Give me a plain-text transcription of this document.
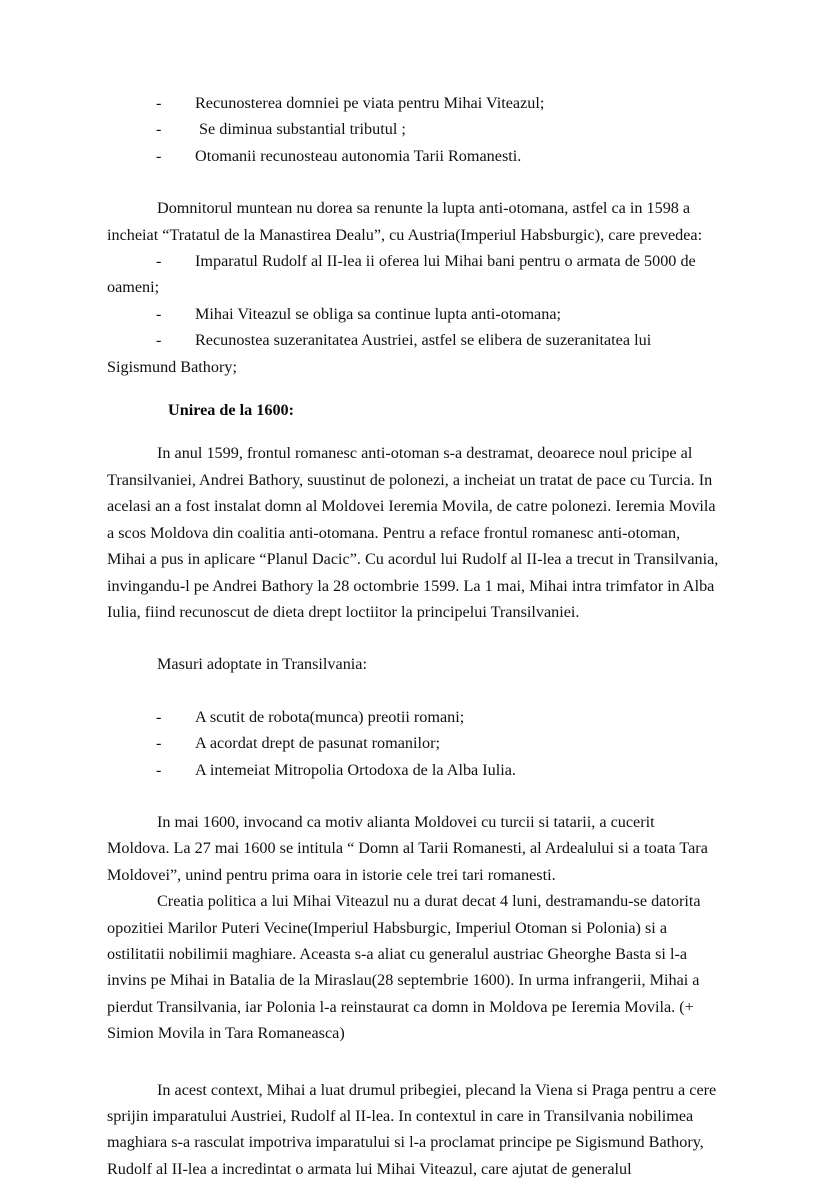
- Recunosterea domniei pe viata pentru Mihai Viteazul;
- Se diminua substantial tributul ;
- Otomanii recunosteau autonomia Tarii Romanesti.

Domnitorul muntean nu dorea sa renunte la lupta anti-otomana, astfel ca in 1598 a incheiat “Tratatul de la Manastirea Dealu”, cu Austria(Imperiul Habsburgic), care prevedea:

- Imparatul Rudolf al II-lea ii oferea lui Mihai bani pentru o armata de 5000 de oameni;
- Mihai Viteazul se obliga sa continue lupta anti-otomana;
- Recunostea suzeranitatea Austriei, astfel se elibera de suzeranitatea lui Sigismund Bathory;

Unirea de la 1600:

In anul 1599, frontul romanesc anti-otoman s-a destramat, deoarece noul pricipe al Transilvaniei, Andrei Bathory, suustinut de polonezi, a incheiat un tratat de pace cu Turcia. In acelasi an a fost instalat domn al Moldovei Ieremia Movila, de catre polonezi. Ieremia Movila a scos Moldova din coalitia anti-otomana. Pentru a reface frontul romanesc anti-otoman, Mihai a pus in aplicare “Planul Dacic”. Cu acordul lui Rudolf al II-lea a trecut in Transilvania, invingandu-l pe Andrei Bathory la 28 octombrie 1599. La 1 mai, Mihai intra trimfator in Alba Iulia, fiind recunoscut de dieta drept loctiitor la principelui Transilvaniei.

Masuri adoptate in Transilvania:

- A scutit de robota(munca) preotii romani;
- A acordat drept de pasunat romanilor;
- A intemeiat Mitropolia Ortodoxa de la Alba Iulia.

In mai 1600, invocand ca motiv alianta Moldovei cu turcii si tatarii, a cucerit Moldova. La 27 mai 1600 se intitula “ Domn al Tarii Romanesti, al Ardealului si a toata Tara Moldovei”, unind pentru prima oara in istorie cele trei tari romanesti.

Creatia politica a lui Mihai Viteazul nu a durat decat 4 luni, destramandu-se datorita opozitiei Marilor Puteri Vecine(Imperiul Habsburgic, Imperiul Otoman si Polonia) si a ostilitatii nobilimii maghiare. Aceasta s-a aliat cu generalul austriac Gheorghe Basta si l-a invins pe Mihai in Batalia de la Miraslau(28 septembrie 1600). In urma infrangerii, Mihai a pierdut Transilvania, iar Polonia l-a reinstaurat ca domn in Moldova pe Ieremia Movila. (+ Simion Movila in Tara Romaneasca)

In acest context, Mihai a luat drumul pribegiei, plecand la Viena si Praga pentru a cere sprijin imparatului Austriei, Rudolf al II-lea. In contextul in care in Transilvania nobilimea maghiara s-a rasculat impotriva imparatului si l-a proclamat principe pe Sigismund Bathory, Rudolf al II-lea a incredintat o armata lui Mihai Viteazul, care ajutat de generalul
